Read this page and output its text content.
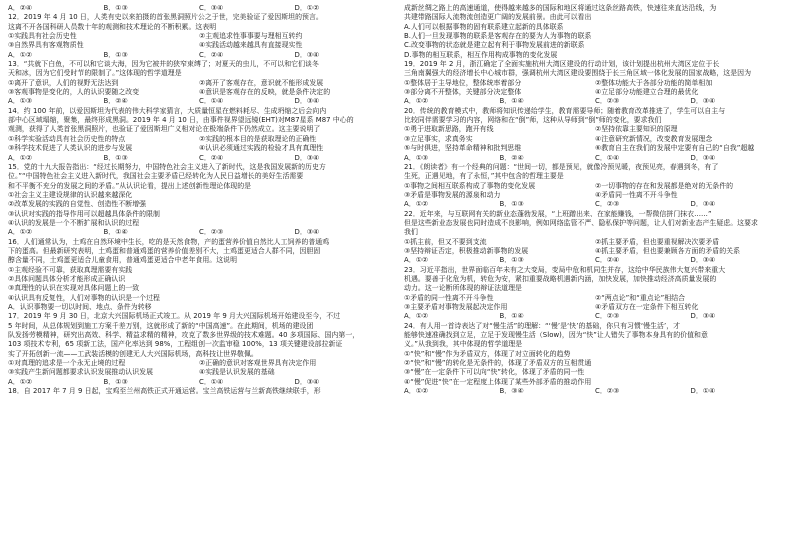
A．②④	B．①③	C．③④	D．①②
12．2019 年 4 月 10 日，人类有史以来拍摄的首张黑洞照片公之于世，完美验证了爱因斯坦的预言。
这离不开各国科研人员数十年的观测和技术理论的不断积累。这表明
①实践具有社会历史性	②主观追求性事事要与理相互转约
③自然界具有客观物质性	④实践活动越来越具有直接现实性
A．①②	B．①③	C．②④	D．③④
13．“共就下白鱼，不可以和它谈大海，因为它被井的狭窄束缚了；对夏天的虫儿，不可以和它们谈冬
天和冰，因为它们受时节的限制了。”这体现的哲学道理是
①离开了意识，人们的视野无法达到	②离开了客观存在，意识就不能形成发展
③客观事物是变化的，人的认识要随之改变	④意识是客观存在的反映，就是条件决定的
A．①③	B．②④	C．①④	D．③④
14．约 100 年前，以爱因斯坦为代表的伟大科学家猜言，大质量恒星在燃料耗尽、生成坍缩之后会向内
部中心区域塌缩，聚集，最终形成黑洞。2019 年 4 月 10 日，由事件视界望远镜(EHT)对M87星系 M87 中心的
观测，获得了人类首张黑洞照片，也验证了爱因斯坦广义相对论在极端条件下仍然成立。这主要说明了
①科学实验活动具有社会历史性的特点	②实践的根本目的是获取理论的正确性
③科学技术促进了人类认识的进步与发展	④认识必须通过实践的检验才具有真理性
A．①②	B．①③	C．②④	D．③④
15．党的十九大报告指出：“经过长期努力，中国特色社会主义进入了新时代，这是我国发展新的历史方
位。”“中国特色社会主义进入新时代，我国社会主要矛盾已经转化为人民日益增长的美好生活需要
和不平衡不充分的发展之间的矛盾。”从认识论看，提出上述创新性理论体现的是
①社会主义主建设规律的认识越来越深化
②改革发展的实践的自觉性、创造性不断增强
③认识对实践的指导作用可以超越具体条件的限制
④认识的发展是一个不断扩展和认识的过程
A．①②	B．①④	C．②③	D．③④
16．人们通常认为，土鸡在自然环境中生长，吃的是天然食物，产的蛋营养价值自然比人工饲养的普通鸡
下的蛋高。但最新研究表明，土鸡蛋和普通鸡蛋的营养价值差别不大，土鸡蛋更适合人群不同，因胆固
醇含量不同，土鸡蛋更适合儿童食用，普通鸡蛋更适合中老年食用。这说明
①主观经验不可靠，获取真理需要有实践
②具体问题具体分析才能形成正确认识
③真理性的认识在实现对具体问题上的一致
④认识具有反复性，人们对事物的认识是一个过程
A．认识事物要一切以时间、地点、条件为转移
17．2019 年 9 月 30 日，北京大兴国际机场正式竣工。从 2019 年 9 月大兴国际机场开始建设至今，不过
5 年时间，从总体规划到施工方案千差万别，这就形成了新的“中国高速”。在此期间，机场的建设团
队发扬劳模精神，研究出高效、科学、精益求精的精神，攻克了数多世界级的技术难题。40 多项国际、国内第一，
103 项技术专利，65 项新工法，国产化率达到 98%，工程组创一次监审稳 100%，13 项关键建设部拉新证
实了开拓创新一流——工武装活模的创建无人大兴国际机场，高科技让世界敬佩。
①对真理的追求是一个永无止境的过程	②正确的意识对客观世界具有决定作用
③实践产生新问题都要求认识发展推动认识发展	④实践是认识发展的基础
A．①②	B．①③	C．①④	D．③④
18．自 2017 年 7 月 9 日起，宝鸡至兰州高铁正式开通运营。宝兰高铁运营与兰新高铁继续联手，形
成新丝绸之路上的高速通道，使得越来越多的国际和地区将通过这条丝路高铁，快速往来直达沿线，为
共建带路国际人流物流创造更广阔的发展前景。由此可以看出
A.人们可以根据事物的固有联系建立起新的具体联系
B.人们一旦发现事物的联系是客观存在的要为人为事物的联系
C.改变事物的状态就是建立起有利于事物发展前进的新联系
D.事物的相互联系，相互作用构成事物的变化发展
19．2019 年 2 月，浙江确定了全面实施杭州大湾区建设的行动计划，该计划提出杭州大湾区定位于长
三角南翼强大的经济增长中心城市群，强调杭州大湾区建设要围绕于长三角区域一体化发展的国家战略，这是因为
①整体居于主导地位，整体统率着部分	②整体功能大于各部分功能的简单相加
③部分离不开整体，关键部分决定整体	④立足部分功能建立合理的最优化
A．①②	B．①④	C．②③	D．③④
20．传统的教育模式中，教师将知识传递给学生，教育需要导师；随着教育改革推进了，学生可以自主与
比较同伴需要学习的内容，网络和在“倒”师，这种从导师到“倒”师的变化，要求我们
①勇于进取新思路，跑开有线	②坚持依靠主要知识的原理
③立足事实，求真务实	④注意研究新情况，改变教育发展理念
⑤与时俱进，坚持革命精神和批判思维	⑥教育自主在我们的发展中定要有自己的“自我”超越
A．①③	B．②④	C．①④	D．③④
21．《朗读者》有一个经典的问题：“世间一切，都是预见，就像冷预见暖，夜预见亮，春遇到冬，有了
生死，正遇见地，有了永恒，”其中包含的哲理主要是
①事物之间相互联系构成了事物的变化发展	②一切事物的存在和发展都是绝对的无条件的
③矛盾是事物发展的源泉和动力	④矛盾同一性离不开斗争性
A．①②	B．①③	C．②③	D．③④
22．近年来，与互联网有关的新业态蓬勃发展，“上班蹭出来、在家能赚钱，一帮微信拼门抹衣……”
但是这些新业态发展也同时造成不良影响，例如网络监管不严、隐私保护等问题，让人们对新业态产生疑虑。这要求
我们
①抓主前，但又不要到支流	②抓主要矛盾，但也要重视解决次要矛盾
③坚持辩证否定，积极推动新事物的发展	④抓主要矛盾，但也要兼顾各方面的矛盾的关系
A．①②	B．①③	C．②④	D．③④
23．习近平指出，世界面临百年未有之大变局，变局中危和机同生并存，这给中华民族伟大复兴带来重大
机遇。要善于化危为机，转危为安，紧扣重要战略机遇新内涵，加快发展，加快推动经济高质量发展的
动力。这一论断所体现的辩证法道理是
①矛盾的同一性离不开斗争性	②“两点论”和“重点论”相结合
③主要矛盾对事物发展起决定作用	④矛盾双方在一定条件下相互转化
A．①②	B．①④	C．②③	D．③④
24．有人用一首诗表达了对“慢生活”的理解：“‘慢’是‘快’的基础，你只有习惯‘慢生活’，才
能够快速准确找到立足，立足于发现慢生活（Slow)，因为“快”让人错失了事物本身具有的价值和意
义。”从我到我，其中体现的哲学道理是
①“快”和“慢”作为矛盾双方，体现了对立面转化的趋势
②“快”和“慢”的转化是无条件的，体现了矛盾双方的互相贯通
③“慢”在一定条件下可以向“快”转化，体现了矛盾的同一性
④“慢”促进“快”在一定程度上体现了某些外部矛盾的推动作用
A．①②	B．③④	C．②③	D．①④
